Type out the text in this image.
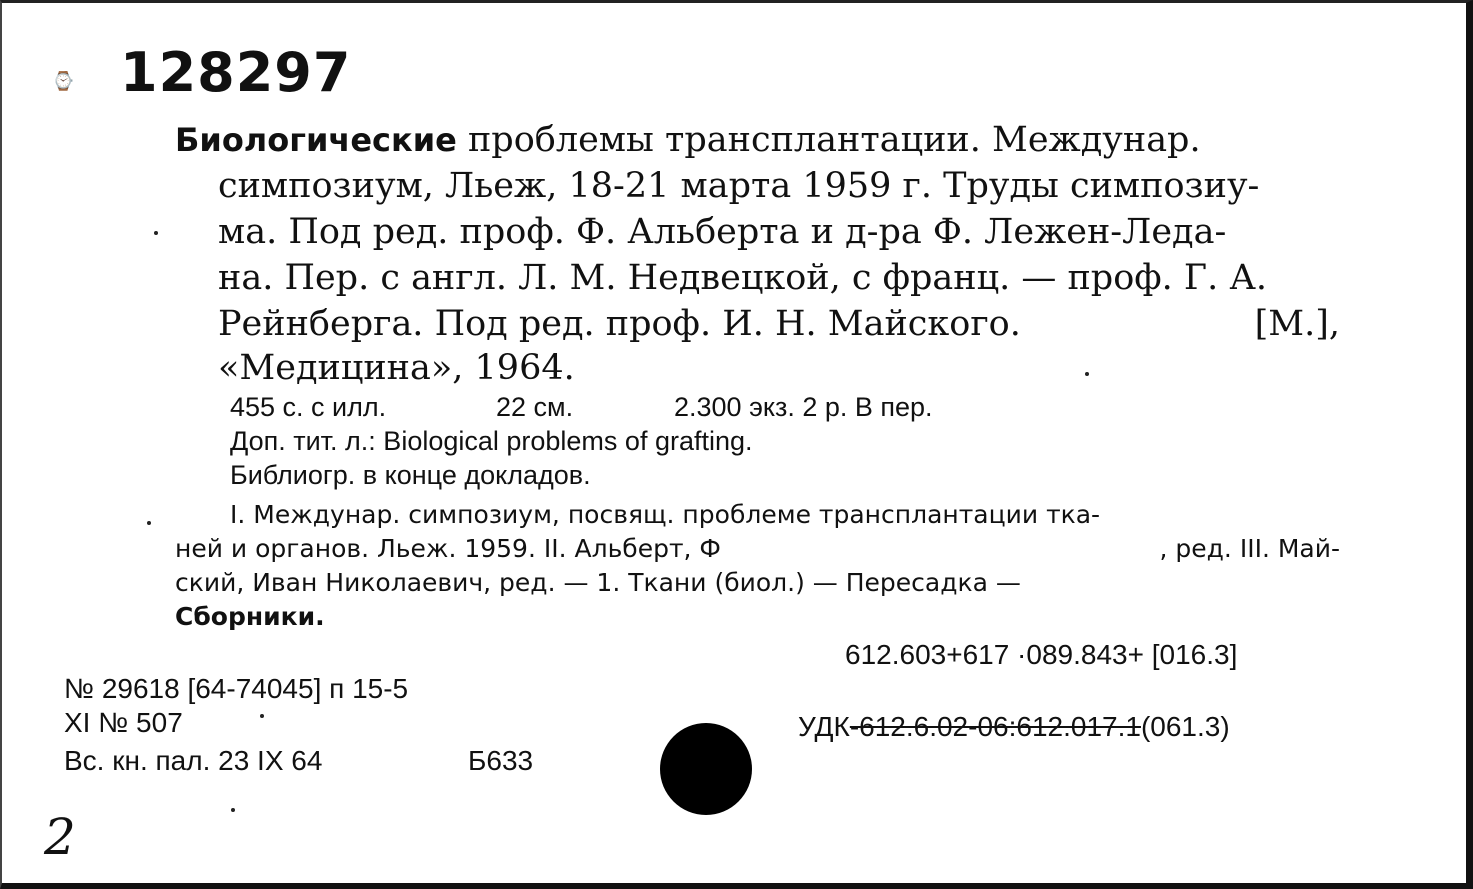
⌚ 128297
Биологические проблемы трансплантации. Междунар.
симпозиум, Льеж, 18-21 марта 1959 г. Труды симпозиу-
ма. Под ред. проф. Ф. Альберта и д-ра Ф. Лежен-Леда-
на. Пер. с англ. Л. М. Недвецкой, с франц. — проф. Г. А.
Рейнберга. Под ред. проф. И. Н. Майского.	[М.],
«Медицина», 1964.
455 с. с илл.	22 см.	2.300 экз. 2 р. В пер.
Доп. тит. л.: Biological problems of grafting.
Библиогр. в конце докладов.
I. Междунар. симпозиум, посвящ. проблеме трансплантации тка-
ней и органов. Льеж. 1959. II. Альберт, Ф	, ред. III. Май-
ский, Иван Николаевич, ред. — 1. Ткани (биол.) — Пересадка —
Сборники.
612.603+617 ·089.843+ [016.3]
УДК-612.6.02-06:612.017.1(061.3)
№ 29618 [64-74045] п 15-5
XI № 507
Вс. кн. пал. 23 IX 64	Б633
2
